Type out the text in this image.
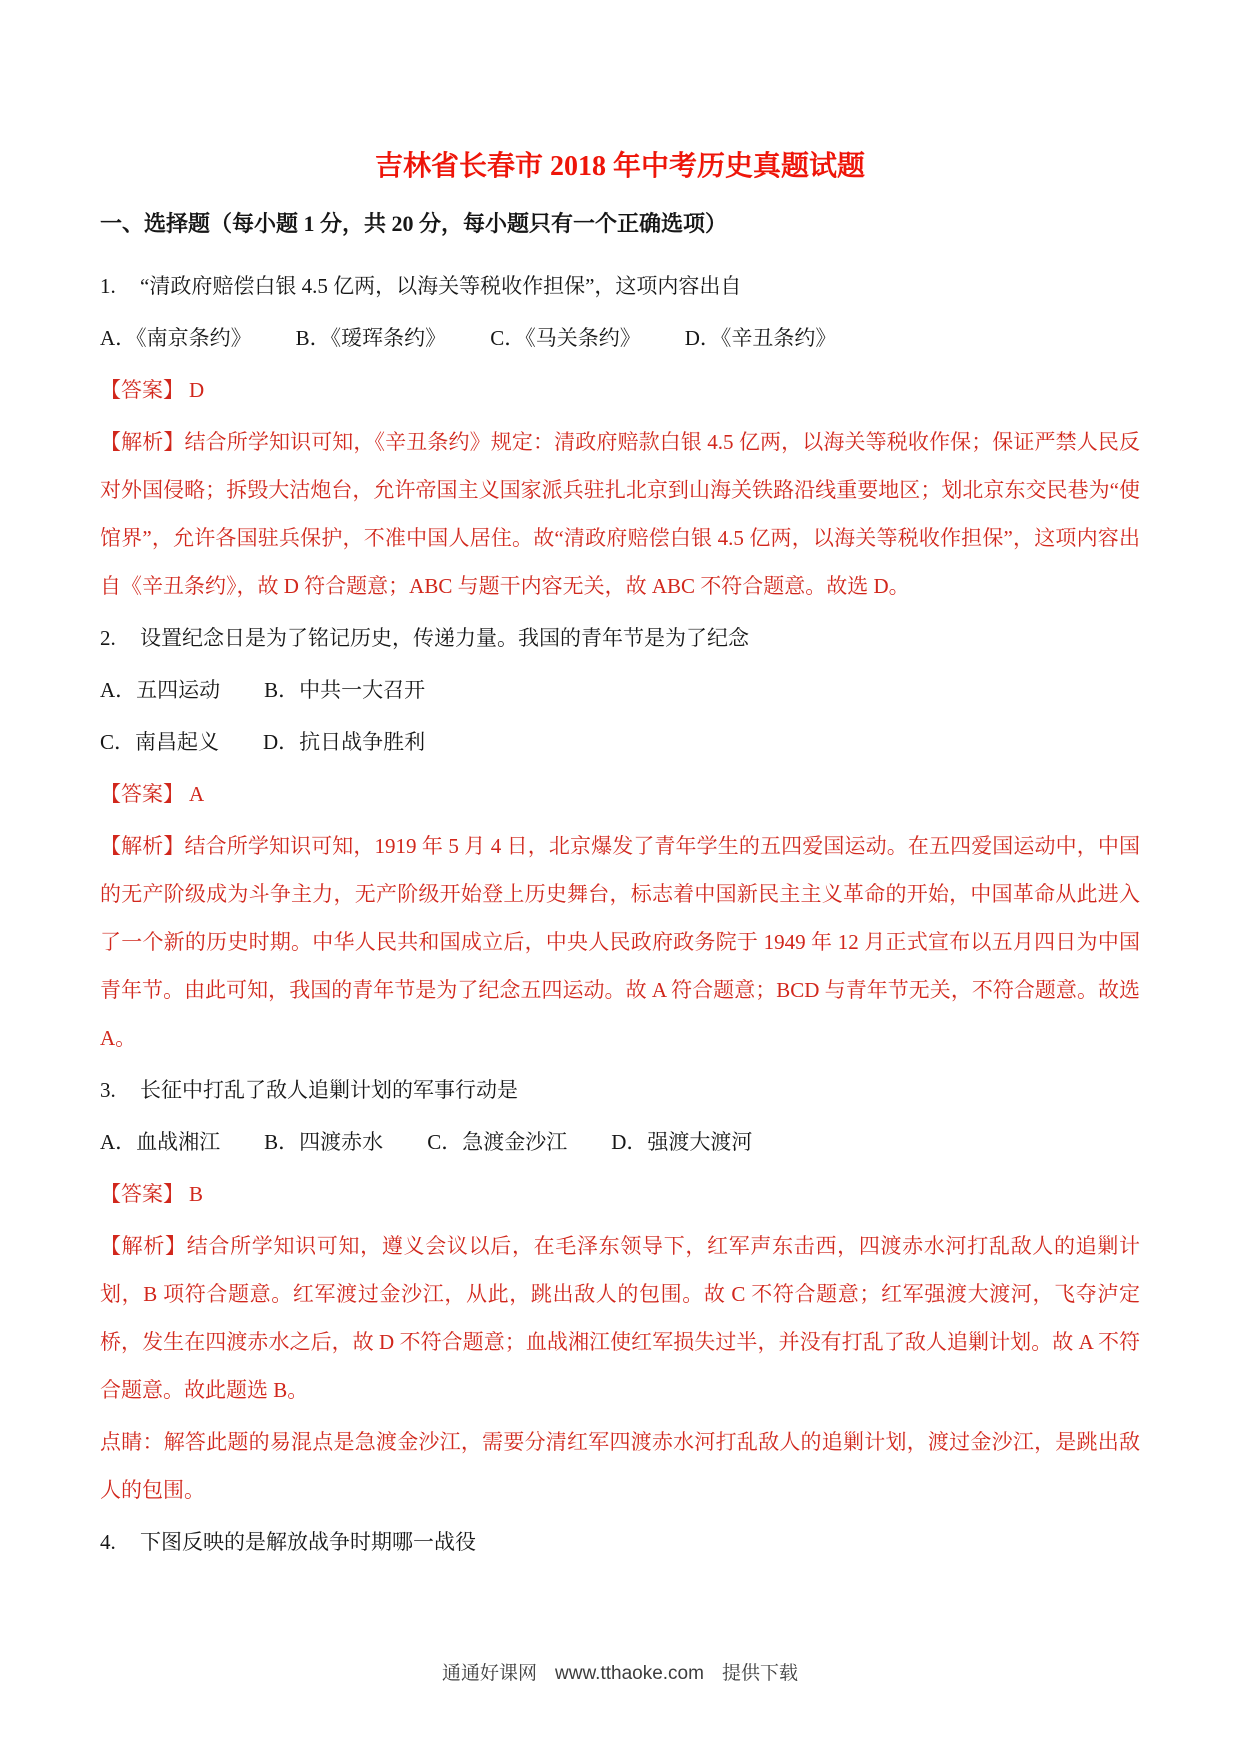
吉林省长春市 2018 年中考历史真题试题
一、选择题（每小题 1 分，共 20 分，每小题只有一个正确选项）

1. “清政府赔偿白银 4.5 亿两，以海关等税收作担保”，这项内容出自

A．《南京条约》 B．《瑷珲条约》 C．《马关条约》 D．《辛丑条约》

【答案】 D

【解析】结合所学知识可知，《辛丑条约》规定：清政府赔款白银 4.5 亿两，以海关等税收作保；保证严禁人民反对外国侵略；拆毁大沽炮台，允许帝国主义国家派兵驻扎北京到山海关铁路沿线重要地区；划北京东交民巷为“使馆界”，允许各国驻兵保护，不准中国人居住。故“清政府赔偿白银 4.5 亿两，以海关等税收作担保”，这项内容出自《辛丑条约》，故 D 符合题意；ABC 与题干内容无关，故 ABC 不符合题意。故选 D。

2. 设置纪念日是为了铭记历史，传递力量。我国的青年节是为了纪念

A．五四运动 B．中共一大召开

C．南昌起义 D．抗日战争胜利

【答案】 A

【解析】结合所学知识可知，1919 年 5 月 4 日，北京爆发了青年学生的五四爱国运动。在五四爱国运动中，中国的无产阶级成为斗争主力，无产阶级开始登上历史舞台，标志着中国新民主主义革命的开始，中国革命从此进入了一个新的历史时期。中华人民共和国成立后，中央人民政府政务院于 1949 年 12 月正式宣布以五月四日为中国青年节。由此可知，我国的青年节是为了纪念五四运动。故 A 符合题意；BCD 与青年节无关，不符合题意。故选 A。

3. 长征中打乱了敌人追剿计划的军事行动是

A．血战湘江 B．四渡赤水 C．急渡金沙江 D．强渡大渡河

【答案】 B

【解析】结合所学知识可知，遵义会议以后，在毛泽东领导下，红军声东击西，四渡赤水河打乱敌人的追剿计划，B 项符合题意。红军渡过金沙江，从此，跳出敌人的包围。故 C 不符合题意；红军强渡大渡河，飞夺泸定桥，发生在四渡赤水之后，故 D 不符合题意；血战湘江使红军损失过半，并没有打乱了敌人追剿计划。故 A 不符合题意。故此题选 B。

点睛：解答此题的易混点是急渡金沙江，需要分清红军四渡赤水河打乱敌人的追剿计划，渡过金沙江，是跳出敌人的包围。

4. 下图反映的是解放战争时期哪一战役

通通好课网 www.tthaoke.com 提供下载
